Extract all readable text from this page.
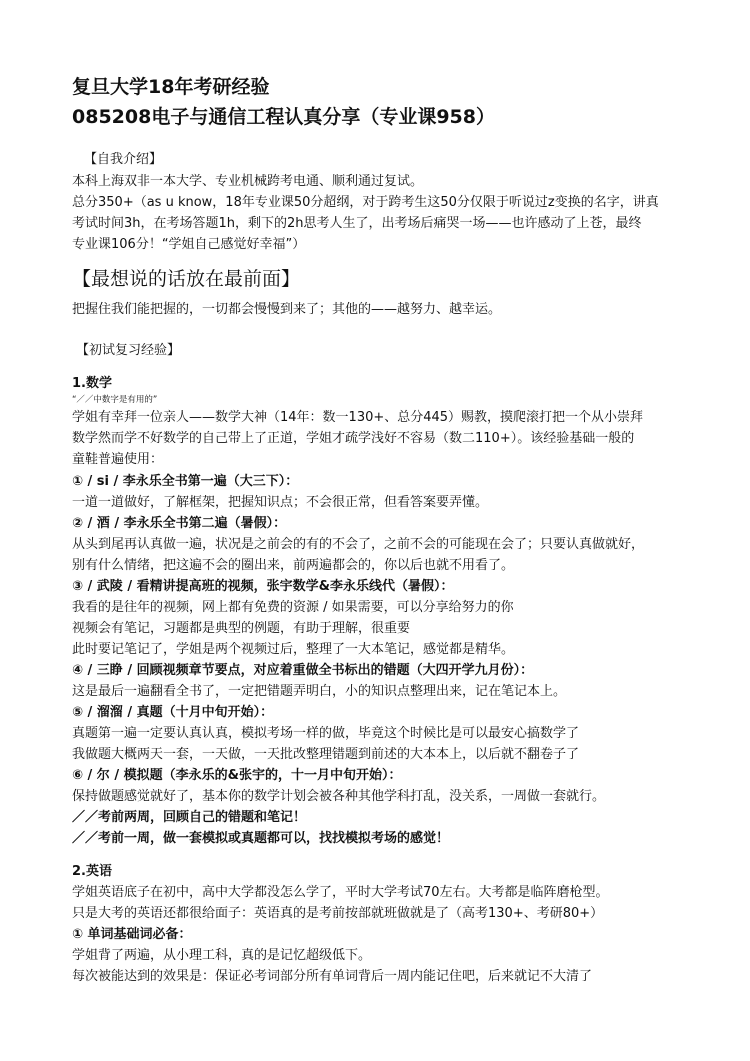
复旦大学18年考研经验
085208电子与通信工程认真分享（专业课958）
【自我介绍】
本科上海双非一本大学、专业机械跨考电通、顺利通过复试。
总分350+（as u know，18年专业课50分超纲，对于跨考生这50分仅限于听说过z变换的名字，讲真
考试时间3h，在考场答题1h，剩下的2h思考人生了，出考场后痛哭一场——也许感动了上苍，最终
专业课106分！“学姐自己感觉好幸福”）
【最想说的话放在最前面】
把握住我们能把握的，一切都会慢慢到来了；其他的——越努力、越幸运。
【初试复习经验】
1.数学
“／／中数字是有用的”
学姐有幸拜一位亲人——数学大神（14年：数一130+、总分445）赐教，摸爬滚打把一个从小崇拜
数学然而学不好数学的自己带上了正道，学姐才疏学浅好不容易（数二110+）。该经验基础一般的
童鞋普遍使用：
① / si / 李永乐全书第一遍（大三下）：
一道一道做好，了解框架，把握知识点；不会很正常，但看答案要弄懂。
② / 酒 / 李永乐全书第二遍（暑假）：
从头到尾再认真做一遍，状况是之前会的有的不会了，之前不会的可能现在会了；只要认真做就好，
别有什么情绪，把这遍不会的圈出来，前两遍都会的，你以后也就不用看了。
③ / 武陵 / 看精讲提高班的视频，张宇数学&李永乐线代（暑假）：
我看的是往年的视频，网上都有免费的资源 / 如果需要，可以分享给努力的你
视频会有笔记，习题都是典型的例题，有助于理解，很重要
此时要记笔记了，学姐是两个视频过后，整理了一大本笔记，感觉都是精华。
④ / 三睁 / 回顾视频章节要点，对应着重做全书标出的错题（大四开学九月份）：
这是最后一遍翻看全书了，一定把错题弄明白，小的知识点整理出来，记在笔记本上。
⑤ / 溜溜 / 真题（十月中旬开始）：
真题第一遍一定要认真认真，模拟考场一样的做，毕竟这个时候比是可以最安心搞数学了
我做题大概两天一套，一天做，一天批改整理错题到前述的大本本上，以后就不翻卷子了
⑥ / 尔 / 模拟题（李永乐的&张宇的，十一月中旬开始）：
保持做题感觉就好了，基本你的数学计划会被各种其他学科打乱，没关系，一周做一套就行。
／／考前两周，回顾自己的错题和笔记！
／／考前一周，做一套模拟或真题都可以，找找模拟考场的感觉！
2.英语
学姐英语底子在初中，高中大学都没怎么学了，平时大学考试70左右。大考都是临阵磨枪型。
只是大考的英语还都很给面子：英语真的是考前按部就班做就是了（高考130+、考研80+）
① 单词基础词必备：
学姐背了两遍，从小理工科，真的是记忆超级低下。
每次被能达到的效果是：保证必考词部分所有单词背后一周内能记住吧，后来就记不大清了
